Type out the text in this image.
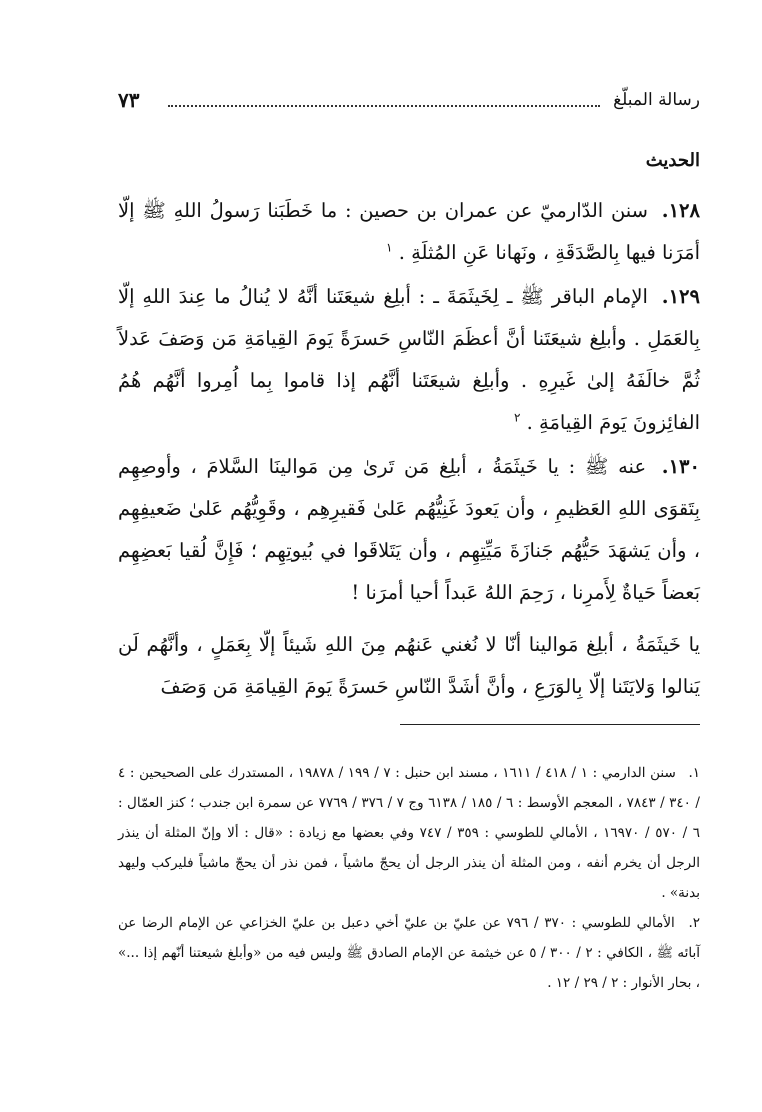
رسالة المبلّغ
٧٣
الحديث

١٢٨. سنن الدّارميّ عن عمران بن حصين : ما خَطَبَنا رَسولُ اللهِ ﷺ إلّا أمَرَنا فيها بِالصَّدَقَةِ ، ونَهانا عَنِ المُثلَةِ . $^١$

١٢٩. الإمام الباقر ﷺ ـ لِخَيثَمَةَ ـ : أبلِغ شيعَتَنا أنَّهُ لا يُنالُ ما عِندَ اللهِ إلّا بِالعَمَلِ . وأبلِغ شيعَتَنا أنَّ أعظَمَ النّاسِ حَسرَةً يَومَ القِيامَةِ مَن وَصَفَ عَدلاً ثُمَّ خالَفَهُ إلىٰ غَيرِهِ . وأبلِغ شيعَتَنا أنَّهُم إذا قاموا بِما اُمِروا أنَّهُم هُمُ الفائِزونَ يَومَ القِيامَةِ . $^٢$

١٣٠. عنه ﷺ : يا خَيثَمَةُ ، أبلِغ مَن تَرىٰ مِن مَوالينَا السَّلامَ ، وأوصِهِم بِتَقوَى اللهِ العَظيمِ ، وأن يَعودَ غَنِيُّهُم عَلىٰ فَقيرِهِم ، وقَوِيُّهُم عَلىٰ ضَعيفِهِم ، وأن يَشهَدَ حَيُّهُم جَنازَةَ مَيِّتِهِم ، وأن يَتَلاقَوا في بُيوتِهِم ؛ فَإِنَّ لُقيا بَعضِهِم بَعضاً حَياةٌ لِأَمرِنا ، رَحِمَ اللهُ عَبداً أحيا أمرَنا !

يا خَيثَمَةُ ، أبلِغ مَوالينا أنّا لا نُغني عَنهُم مِنَ اللهِ شَيئاً إلّا بِعَمَلٍ ، وأنَّهُم لَن يَنالوا وَلايَتَنا إلّا بِالوَرَعِ ، وأنَّ أشَدَّ النّاسِ حَسرَةً يَومَ القِيامَةِ مَن وَصَفَ

١. سنن الدارمي : ١ / ٤١٨ / ١٦١١ ، مسند ابن حنبل : ٧ / ١٩٩ / ١٩٨٧٨ ، المستدرك على الصحيحين : ٤ / ٣٤٠ / ٧٨٤٣ ، المعجم الأوسط : ٦ / ١٨٥ / ٦١٣٨ وج ٧ / ٣٧٦ / ٧٧٦٩ عن سمرة ابن جندب ؛ كنز العمّال : ٦ / ٥٧٠ / ١٦٩٧٠ ، الأمالي للطوسي : ٣٥٩ / ٧٤٧ وفي بعضها مع زيادة : «قال : ألا وإنّ المثلة أن ينذر الرجل أن يخرم أنفه ، ومن المثلة أن ينذر الرجل أن يحجّ ماشياً ، فمن نذر أن يحجّ ماشياً فليركب وليهد بدنة» .

٢. الأمالي للطوسي : ٣٧٠ / ٧٩٦ عن عليّ بن عليّ أخي دعبل بن عليّ الخزاعي عن الإمام الرضا عن آبائه ﷺ ، الكافي : ٢ / ٣٠٠ / ٥ عن خيثمة عن الإمام الصادق ﷺ وليس فيه من «وأبلغ شيعتنا أنّهم إذا ...» ، بحار الأنوار : ٢ / ٢٩ / ١٢ .
